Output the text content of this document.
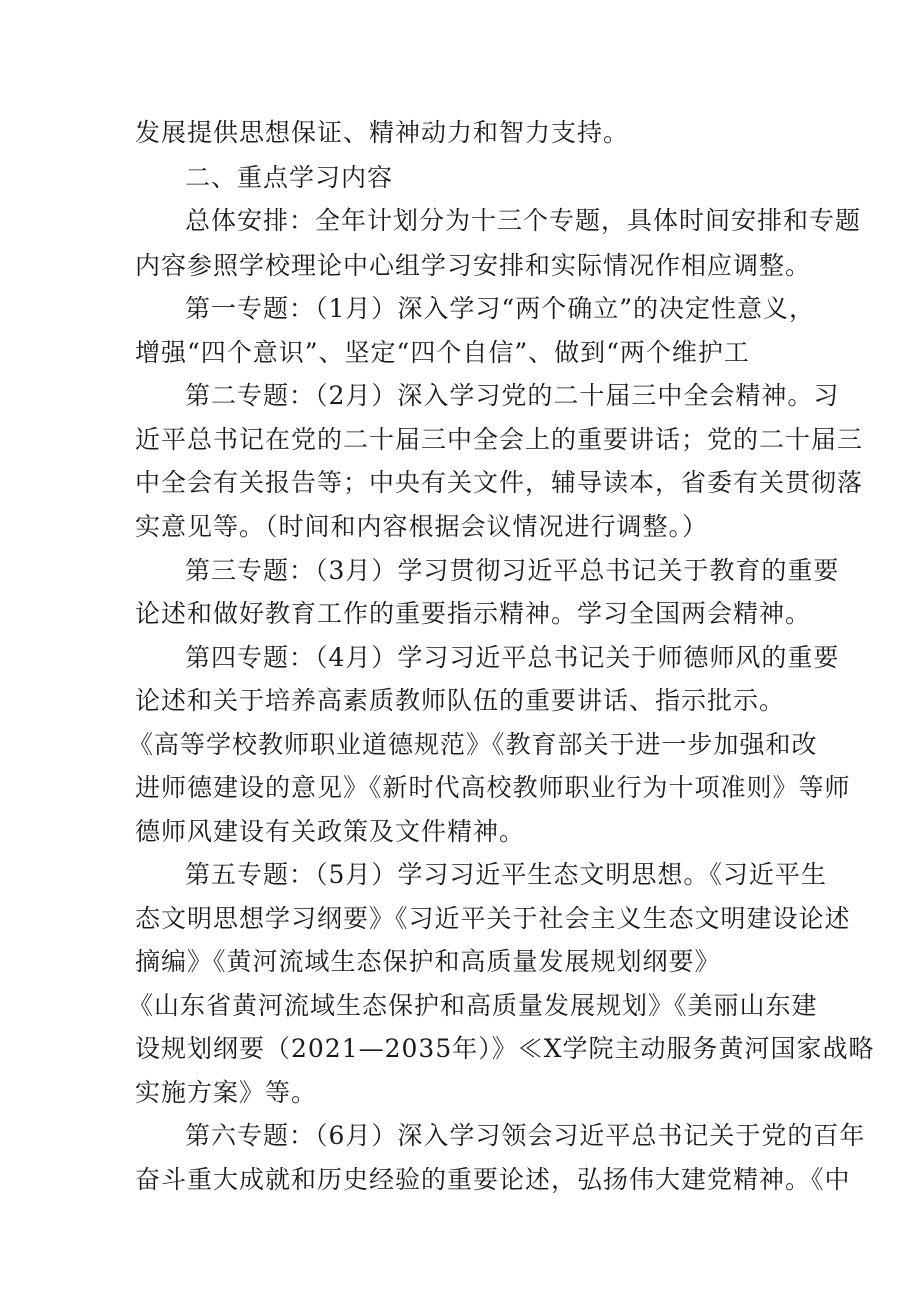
发展提供思想保证、精神动力和智力支持。
二、重点学习内容
总体安排：全年计划分为十三个专题，具体时间安排和专题
内容参照学校理论中心组学习安排和实际情况作相应调整。
第一专题：（1月）深入学习“两个确立”的决定性意义，
增强“四个意识”、坚定“四个自信”、做到“两个维护工
第二专题：（2月）深入学习党的二十届三中全会精神。习
近平总书记在党的二十届三中全会上的重要讲话；党的二十届三
中全会有关报告等；中央有关文件，辅导读本，省委有关贯彻落
实意见等。（时间和内容根据会议情况进行调整。）
第三专题：（3月）学习贯彻习近平总书记关于教育的重要
论述和做好教育工作的重要指示精神。学习全国两会精神。
第四专题：（4月）学习习近平总书记关于师德师风的重要
论述和关于培养高素质教师队伍的重要讲话、指示批示。
《高等学校教师职业道德规范》《教育部关于进一步加强和改
进师德建设的意见》《新时代高校教师职业行为十项准则》等师
德师风建设有关政策及文件精神。
第五专题：（5月）学习习近平生态文明思想。《习近平生
态文明思想学习纲要》《习近平关于社会主义生态文明建设论述
摘编》《黄河流域生态保护和高质量发展规划纲要》
《山东省黄河流域生态保护和高质量发展规划》《美丽山东建
设规划纲要（2021—2035年）》≪X学院主动服务黄河国家战略
实施方案》等。
第六专题：（6月）深入学习领会习近平总书记关于党的百年
奋斗重大成就和历史经验的重要论述，弘扬伟大建党精神。《中
